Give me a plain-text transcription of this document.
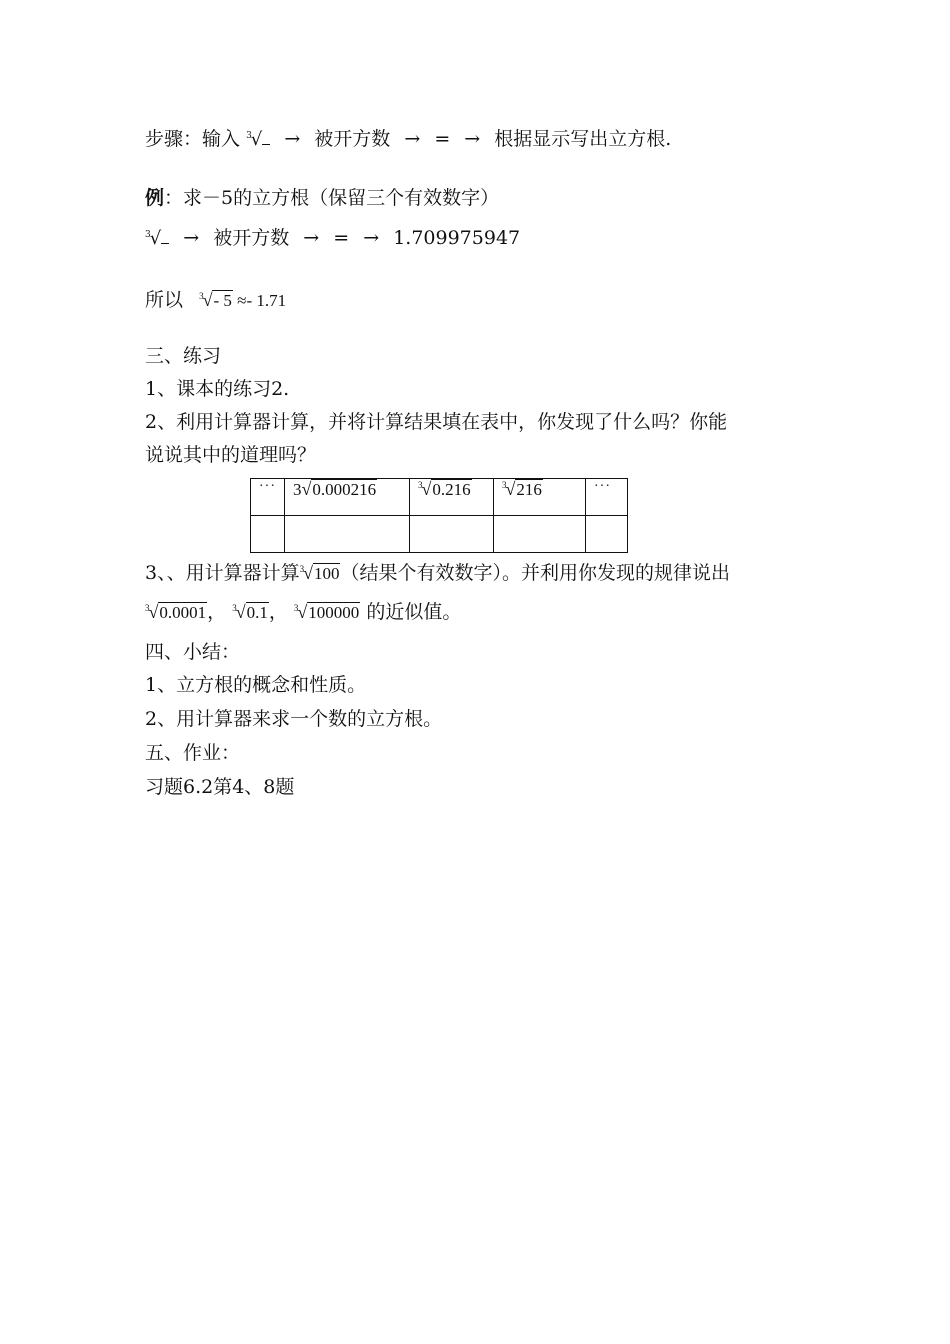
步骤：输入 $^3$√ → 被开方数 → = → 根据显示写出立方根.
例：求－5的立方根（保留三个有效数字）
$^3$√ → 被开方数 → = → 1.709975947
所以 $^3$√- 5 ≈- 1.71
三、练习
1、课本的练习2.
2、利用计算器计算，并将计算结果填在表中，你发现了什么吗？你能
说说其中的道理吗？
···	3√0.000216	$^3$√0.216	$^3$√216	···

3、、用计算器计算$^3$√100（结果个有效数字）。并利用你发现的规律说出
$^3$√0.0001， $^3$√0.1， $^3$√100000 的近似值。
四、小结：
1、立方根的概念和性质。
2、用计算器来求一个数的立方根。
五、作业：
习题6.2第4、8题
